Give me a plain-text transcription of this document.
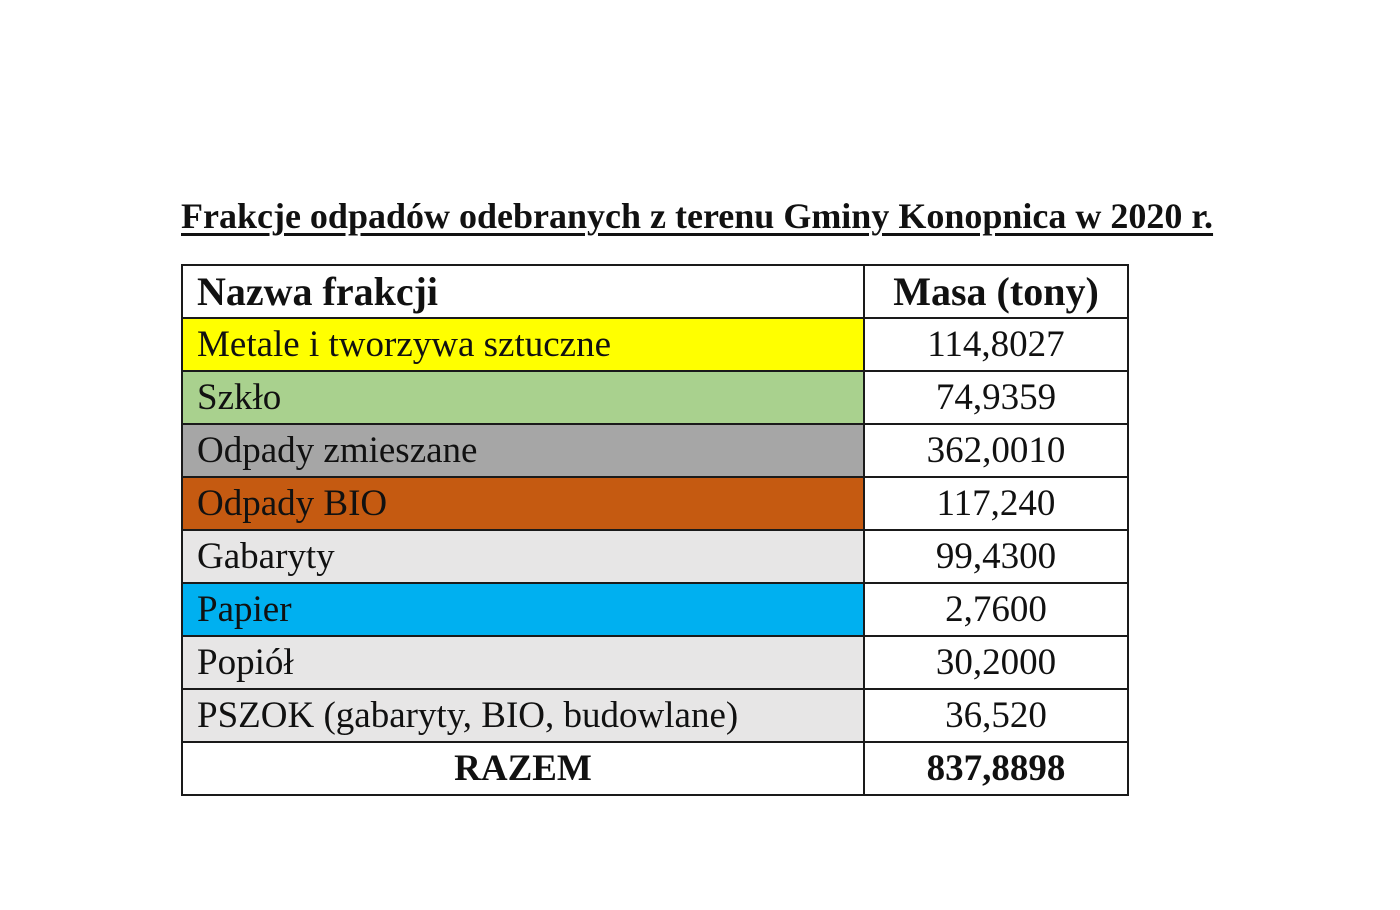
Frakcje odpadów odebranych z terenu Gminy Konopnica w 2020 r.
Nazwa frakcji	Masa (tony)
Metale i tworzywa sztuczne	114,8027
Szkło	74,9359
Odpady zmieszane	362,0010
Odpady BIO	117,240
Gabaryty	99,4300
Papier	2,7600
Popiół	30,2000
PSZOK (gabaryty, BIO, budowlane)	36,520
RAZEM	837,8898
